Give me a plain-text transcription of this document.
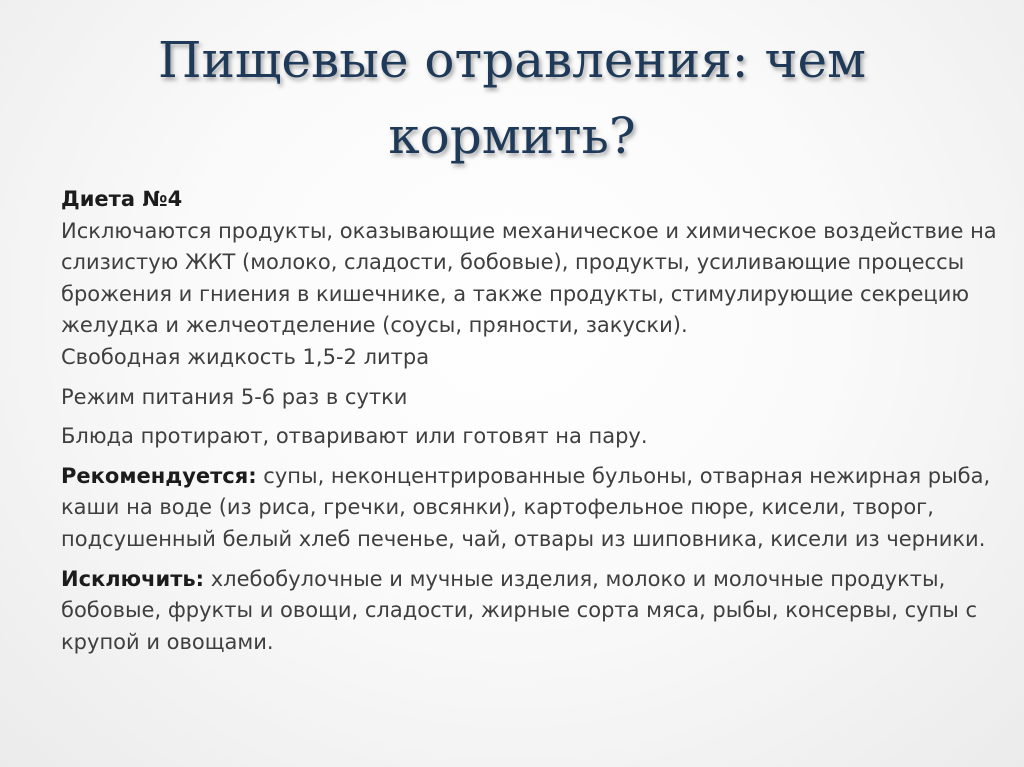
Пищевые отравления: чем
кормить?

Диета №4
Исключаются продукты, оказывающие механическое и химическое воздействие на слизистую ЖКТ (молоко, сладости, бобовые), продукты, усиливающие процессы брожения и гниения в кишечнике, а также продукты, стимулирующие секрецию желудка и желчеотделение (соусы, пряности, закуски).
Свободная жидкость 1,5-2 литра

Режим питания 5-6 раз в сутки

Блюда протирают, отваривают или готовят на пару.

Рекомендуется: супы, неконцентрированные бульоны, отварная нежирная рыба, каши на воде (из риса, гречки, овсянки), картофельное пюре, кисели, творог, подсушенный белый хлеб печенье, чай, отвары из шиповника, кисели из черники.

Исключить: хлебобулочные и мучные изделия, молоко и молочные продукты, бобовые, фрукты и овощи, сладости, жирные сорта мяса, рыбы, консервы, супы с крупой и овощами.
